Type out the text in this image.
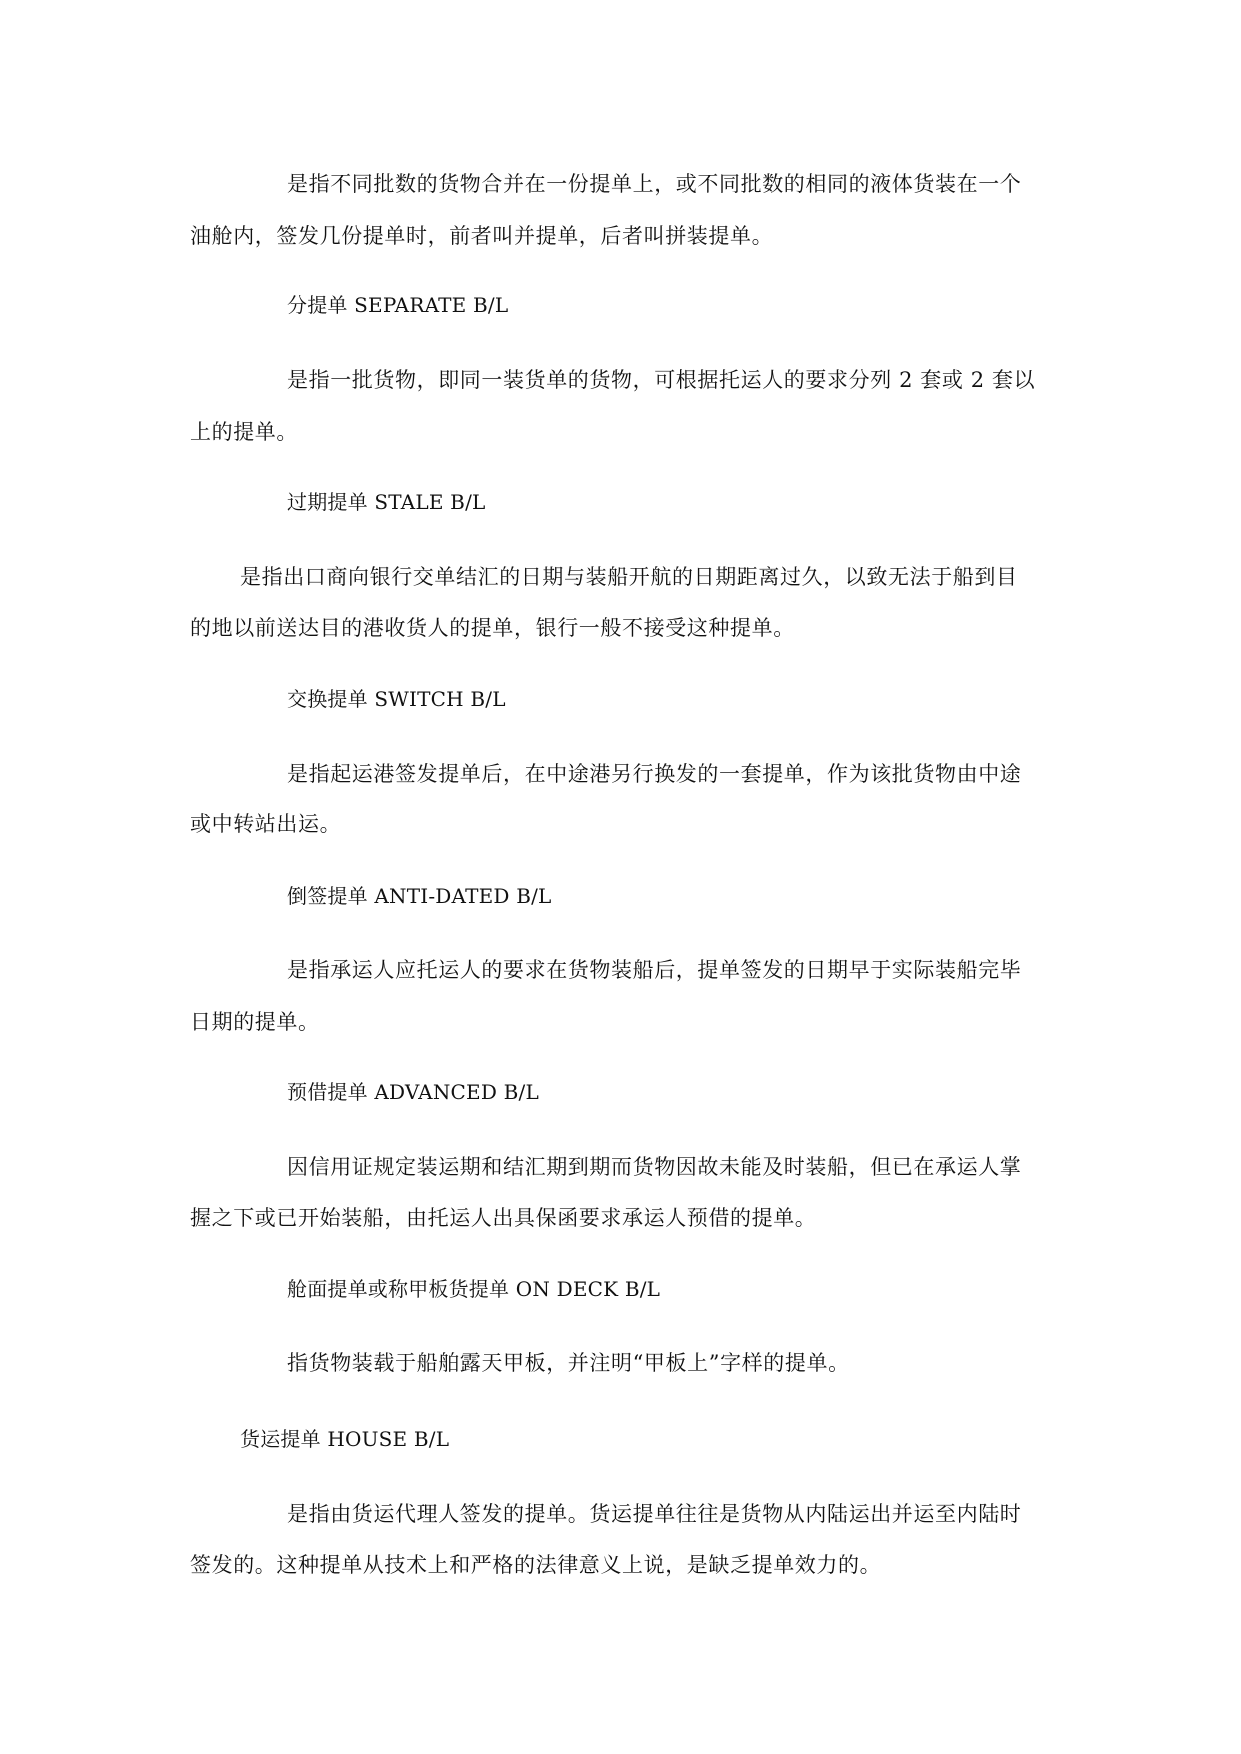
是指不同批数的货物合并在一份提单上，或不同批数的相同的液体货装在一个
油舱内，签发几份提单时，前者叫并提单，后者叫拼装提单。
分提单 SEPARATE B/L
是指一批货物，即同一装货单的货物，可根据托运人的要求分列 2 套或 2 套以
上的提单。
过期提单 STALE B/L
是指出口商向银行交单结汇的日期与装船开航的日期距离过久，以致无法于船到目
的地以前送达目的港收货人的提单，银行一般不接受这种提单。
交换提单 SWITCH B/L
是指起运港签发提单后，在中途港另行换发的一套提单，作为该批货物由中途
或中转站出运。
倒签提单 ANTI-DATED B/L
是指承运人应托运人的要求在货物装船后，提单签发的日期早于实际装船完毕
日期的提单。
预借提单 ADVANCED B/L
因信用证规定装运期和结汇期到期而货物因故未能及时装船，但已在承运人掌
握之下或已开始装船，由托运人出具保函要求承运人预借的提单。
舱面提单或称甲板货提单 ON DECK B/L
指货物装载于船舶露天甲板，并注明“甲板上”字样的提单。
货运提单 HOUSE B/L
是指由货运代理人签发的提单。货运提单往往是货物从内陆运出并运至内陆时
签发的。这种提单从技术上和严格的法律意义上说，是缺乏提单效力的。
